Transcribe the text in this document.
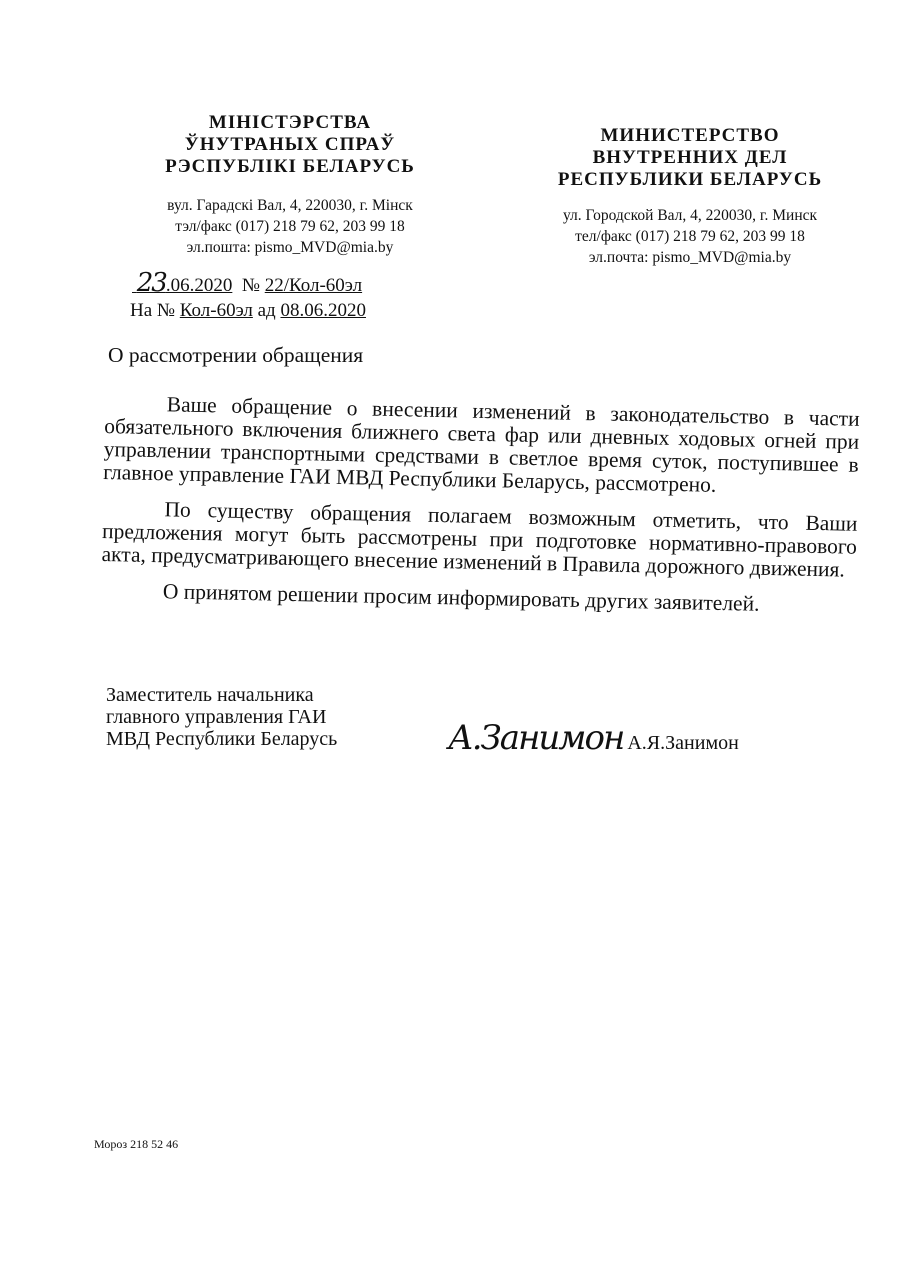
МІНІСТЭРСТВА
ЎНУТРАНЫХ СПРАЎ
РЭСПУБЛІКІ БЕЛАРУСЬ
вул. Гарадскі Вал, 4, 220030, г. Мінск
тэл/факс (017) 218 79 62, 203 99 18
эл.пошта: pismo_MVD@mia.by
МИНИСТЕРСТВО
ВНУТРЕННИХ ДЕЛ
РЕСПУБЛИКИ БЕЛАРУСЬ
ул. Городской Вал, 4, 220030, г. Минск
тел/факс (017) 218 79 62, 203 99 18
эл.почта: pismo_MVD@mia.by
23.06.2020 № 22/Кол-60эл
На № Кол-60эл ад 08.06.2020
О рассмотрении обращения

Ваше обращение о внесении изменений в законодательство в части обязательного включения ближнего света фар или дневных ходовых огней при управлении транспортными средствами в светлое время суток, поступившее в главное управление ГАИ МВД Республики Беларусь, рассмотрено.

По существу обращения полагаем возможным отметить, что Ваши предложения могут быть рассмотрены при подготовке нормативно-правового акта, предусматривающего внесение изменений в Правила дорожного движения.

О принятом решении просим информировать других заявителей.

Заместитель начальника
главного управления ГАИ
МВД Республики Беларусь	А.Занимон А.Я.Занимон
Мороз 218 52 46
